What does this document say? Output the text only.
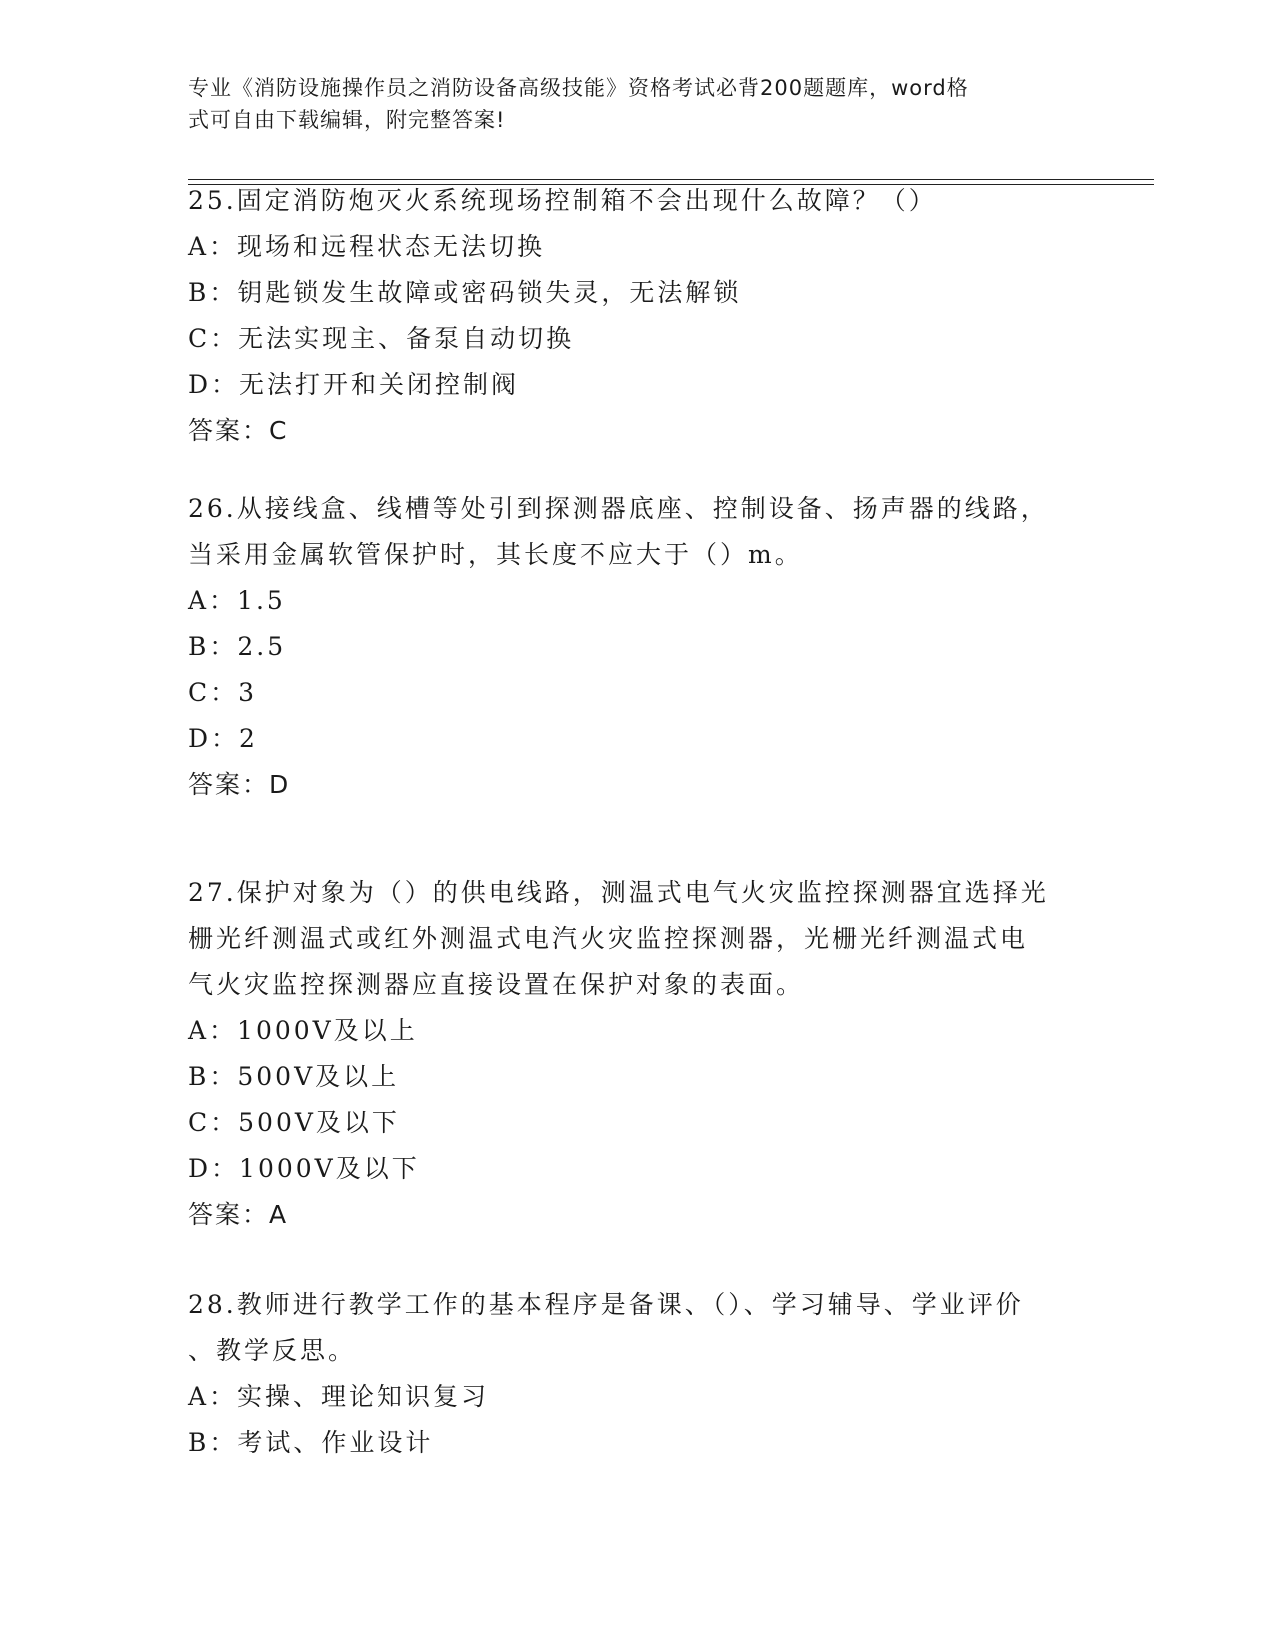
专业《消防设施操作员之消防设备高级技能》资格考试必背200题题库，word格
式可自由下载编辑，附完整答案!

25.固定消防炮灭火系统现场控制箱不会出现什么故障？（）

A：现场和远程状态无法切换

B：钥匙锁发生故障或密码锁失灵，无法解锁

C：无法实现主、备泵自动切换

D：无法打开和关闭控制阀

答案：C

26.从接线盒、线槽等处引到探测器底座、控制设备、扬声器的线路，

当采用金属软管保护时，其长度不应大于（）m。

A：1.5

B：2.5

C：3

D：2

答案：D

27.保护对象为（）的供电线路，测温式电气火灾监控探测器宜选择光

栅光纤测温式或红外测温式电汽火灾监控探测器，光栅光纤测温式电

气火灾监控探测器应直接设置在保护对象的表面。

A：1000V及以上

B：500V及以上

C：500V及以下

D：1000V及以下

答案：A

28.教师进行教学工作的基本程序是备课、（）、学习辅导、学业评价

、教学反思。

A：实操、理论知识复习

B：考试、作业设计
